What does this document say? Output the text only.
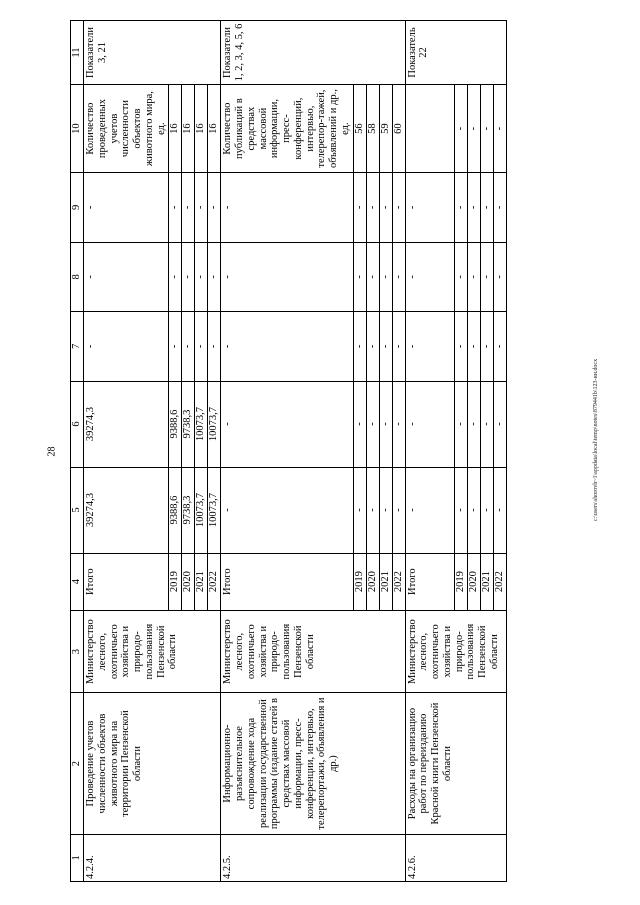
28
1	2	3	4	5	6	7	8	9	10	11
4.2.4.	Проведение учетов численности объектов животного мира на территории Пензенской области	Министерство лесного, охотничьего хозяйства и природо-пользования Пензенской области	Итого	39274,3	39274,3	-	-	-	Количество проведенных учетов численности объектов животного мира, ед.	Показатели 3, 21
			2019	9388,6	9388,6	-	-	-	16	
			2020	9738,3	9738,3	-	-	-	16	
			2021	10073,7	10073,7	-	-	-	16	
			2022	10073,7	10073,7	-	-	-	16	
4.2.5.	Информационно-разъяснительное сопровождение хода реализации государственной программы (издание статей в средствах массовой информации, пресс-конференции, интервью, телерепортажи, объявления и др.)	Министерство лесного, охотничьего хозяйства и природо-пользования Пензенской области	Итого	-	-	-	-	-	Количество публикаций в средствах массовой информации, пресс-конференций, интервью, телерепор-тажей, объявлений и др., ед.	Показатели 1, 2, 3, 4, 5, 6
			2019	-	-	-	-	-	56	
			2020	-	-	-	-	-	58	
			2021	-	-	-	-	-	59	
			2022	-	-	-	-	-	60	
4.2.6.	Расходы на организацию работ по переизданию Красной книги Пензенской области	Министерство лесного, охотничьего хозяйства и природо-пользования Пензенской области	Итого	-	-	-	-	-		Показатель 22
			2019	-	-	-	-	-	-	
			2020	-	-	-	-	-	-	
			2021	-	-	-	-	-	-	
			2022	-	-	-	-	-	-	
c:\users\shorovh~1\appdata\local\temp\notes\879441b\123-ии.docx
